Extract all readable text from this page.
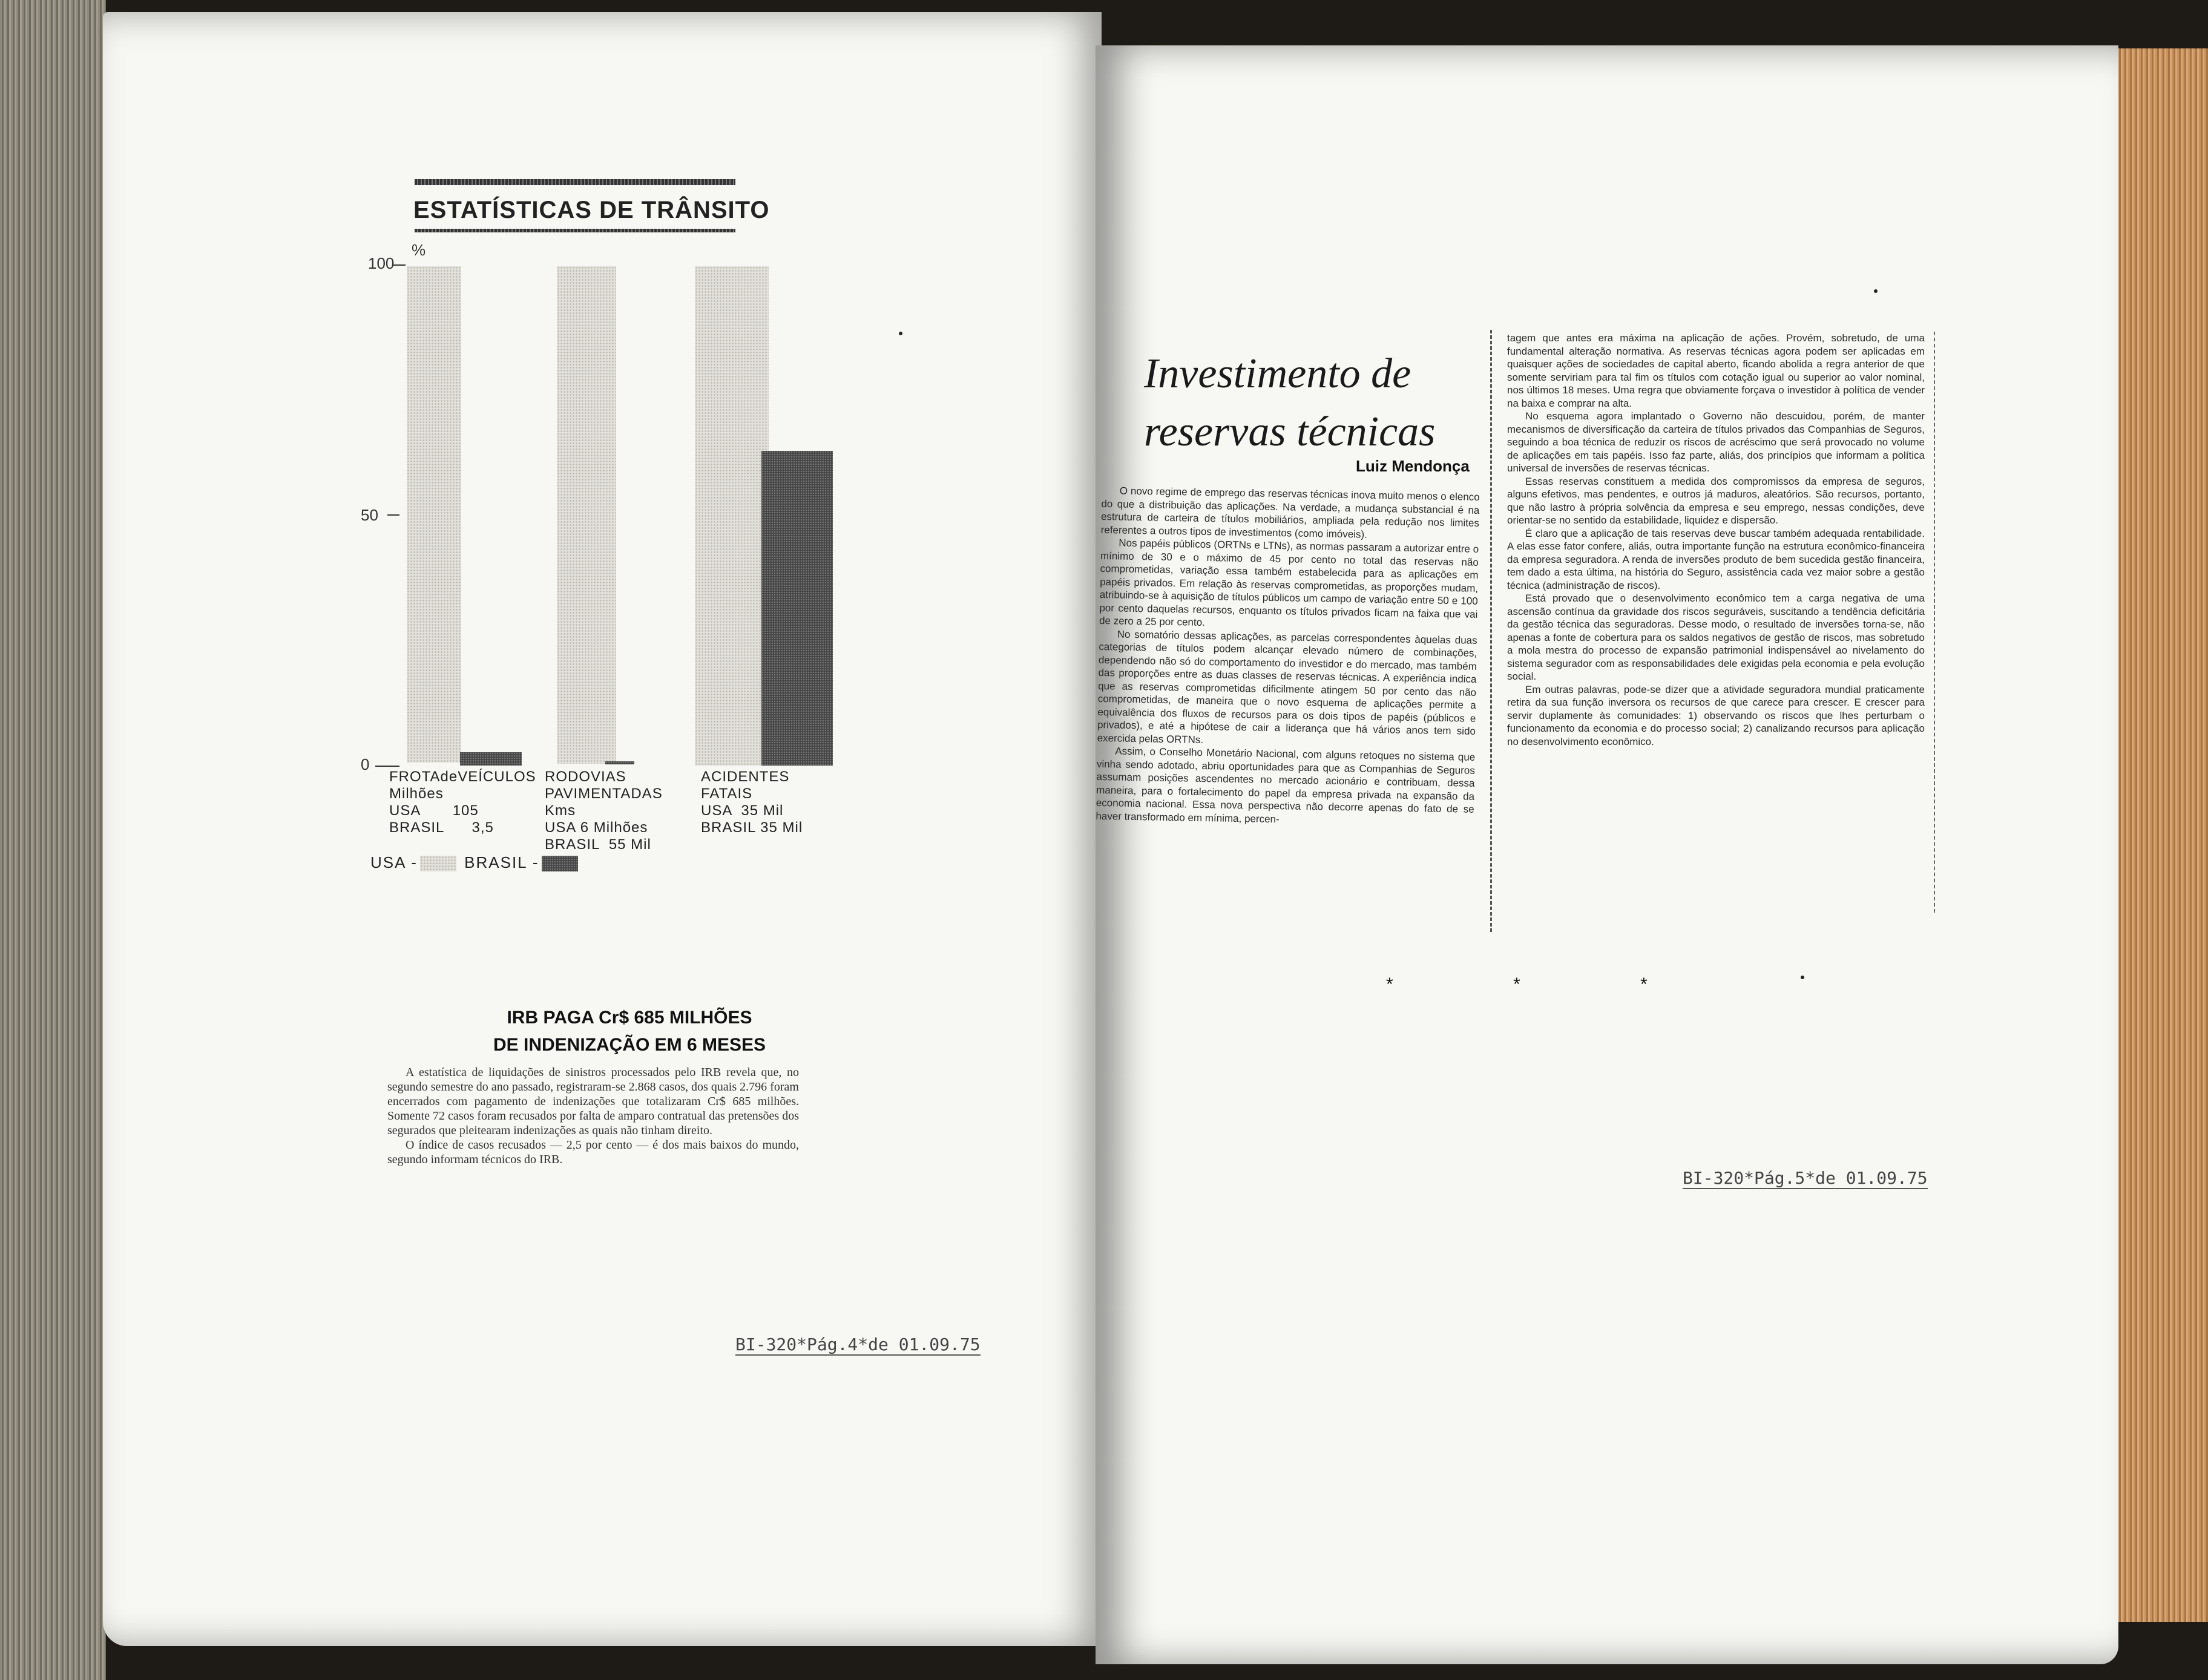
ESTATÍSTICAS DE TRÂNSITO
%
100
50
0
FROTAdeVEÍCULOS
Milhões
USA       105
BRASIL      3,5
RODOVIAS
PAVIMENTADAS
Kms
USA 6 Milhões
BRASIL  55 Mil
ACIDENTES
FATAIS
USA  35 Mil
BRASIL 35 Mil
USA -	BRASIL -
IRB PAGA Cr$ 685 MILHÕES
DE INDENIZAÇÃO EM 6 MESES

A estatística de liquidações de sinistros processados pelo IRB revela que, no segundo semestre do ano passado, registraram-se 2.868 casos, dos quais 2.796 foram encerrados com pagamento de indenizações que totalizaram Cr$ 685 milhões. Somente 72 casos foram recusados por falta de amparo contratual das pretensões dos segurados que pleitearam indenizações as quais não tinham direito.

O índice de casos recusados — 2,5 por cento — é dos mais baixos do mundo, segundo informam técnicos do IRB.

BI-320*Pág.4*de 01.09.75
Investimento de
reservas técnicas
Luiz Mendonça

O novo regime de emprego das reservas técnicas inova muito menos o elenco do que a distribuição das aplicações. Na verdade, a mudança substancial é na estrutura de carteira de títulos mobiliários, ampliada pela redução nos limites referentes a outros tipos de investimentos (como imóveis).

Nos papéis públicos (ORTNs e LTNs), as normas passaram a autorizar entre o mínimo de 30 e o máximo de 45 por cento no total das reservas não comprometidas, variação essa também estabelecida para as aplicações em papéis privados. Em relação às reservas comprometidas, as proporções mudam, atribuindo-se à aquisição de títulos públicos um campo de variação entre 50 e 100 por cento daquelas recursos, enquanto os títulos privados ficam na faixa que vai de zero a 25 por cento.

No somatório dessas aplicações, as parcelas correspondentes àquelas duas categorias de títulos podem alcançar elevado número de combinações, dependendo não só do comportamento do investidor e do mercado, mas também das proporções entre as duas classes de reservas técnicas. A experiência indica que as reservas comprometidas dificilmente atingem 50 por cento das não comprometidas, de maneira que o novo esquema de aplicações permite a equivalência dos fluxos de recursos para os dois tipos de papéis (públicos e privados), e até a hipótese de cair a liderança que há vários anos tem sido exercida pelas ORTNs.

Assim, o Conselho Monetário Nacional, com alguns retoques no sistema que vinha sendo adotado, abriu oportunidades para que as Companhias de Seguros assumam posições ascendentes no mercado acionário e contribuam, dessa maneira, para o fortalecimento do papel da empresa privada na expansão da economia nacional. Essa nova perspectiva não decorre apenas do fato de se haver transformado em mínima, percen-

tagem que antes era máxima na aplicação de ações. Provém, sobretudo, de uma fundamental alteração normativa. As reservas técnicas agora podem ser aplicadas em quaisquer ações de sociedades de capital aberto, ficando abolida a regra anterior de que somente serviriam para tal fim os títulos com cotação igual ou superior ao valor nominal, nos últimos 18 meses. Uma regra que obviamente forçava o investidor à política de vender na baixa e comprar na alta.

No esquema agora implantado o Governo não descuidou, porém, de manter mecanismos de diversificação da carteira de títulos privados das Companhias de Seguros, seguindo a boa técnica de reduzir os riscos de acréscimo que será provocado no volume de aplicações em tais papéis. Isso faz parte, aliás, dos princípios que informam a política universal de inversões de reservas técnicas.

Essas reservas constituem a medida dos compromissos da empresa de seguros, alguns efetivos, mas pendentes, e outros já maduros, aleatórios. São recursos, portanto, que não lastro à própria solvência da empresa e seu emprego, nessas condições, deve orientar-se no sentido da estabilidade, liquidez e dispersão.

É claro que a aplicação de tais reservas deve buscar também adequada rentabilidade. A elas esse fator confere, aliás, outra importante função na estrutura econômico-financeira da empresa seguradora. A renda de inversões produto de bem sucedida gestão financeira, tem dado a esta última, na história do Seguro, assistência cada vez maior sobre a gestão técnica (administração de riscos).

Está provado que o desenvolvimento econômico tem a carga negativa de uma ascensão contínua da gravidade dos riscos seguráveis, suscitando a tendência deficitária da gestão técnica das seguradoras. Desse modo, o resultado de inversões torna-se, não apenas a fonte de cobertura para os saldos negativos de gestão de riscos, mas sobretudo a mola mestra do processo de expansão patrimonial indispensável ao nivelamento do sistema segurador com as responsabilidades dele exigidas pela economia e pela evolução social.

Em outras palavras, pode-se dizer que a atividade seguradora mundial praticamente retira da sua função inversora os recursos de que carece para crescer. E crescer para servir duplamente às comunidades: 1) observando os riscos que lhes perturbam o funcionamento da economia e do processo social; 2) canalizando recursos para aplicação no desenvolvimento econômico.

* * *
BI-320*Pág.5*de 01.09.75
